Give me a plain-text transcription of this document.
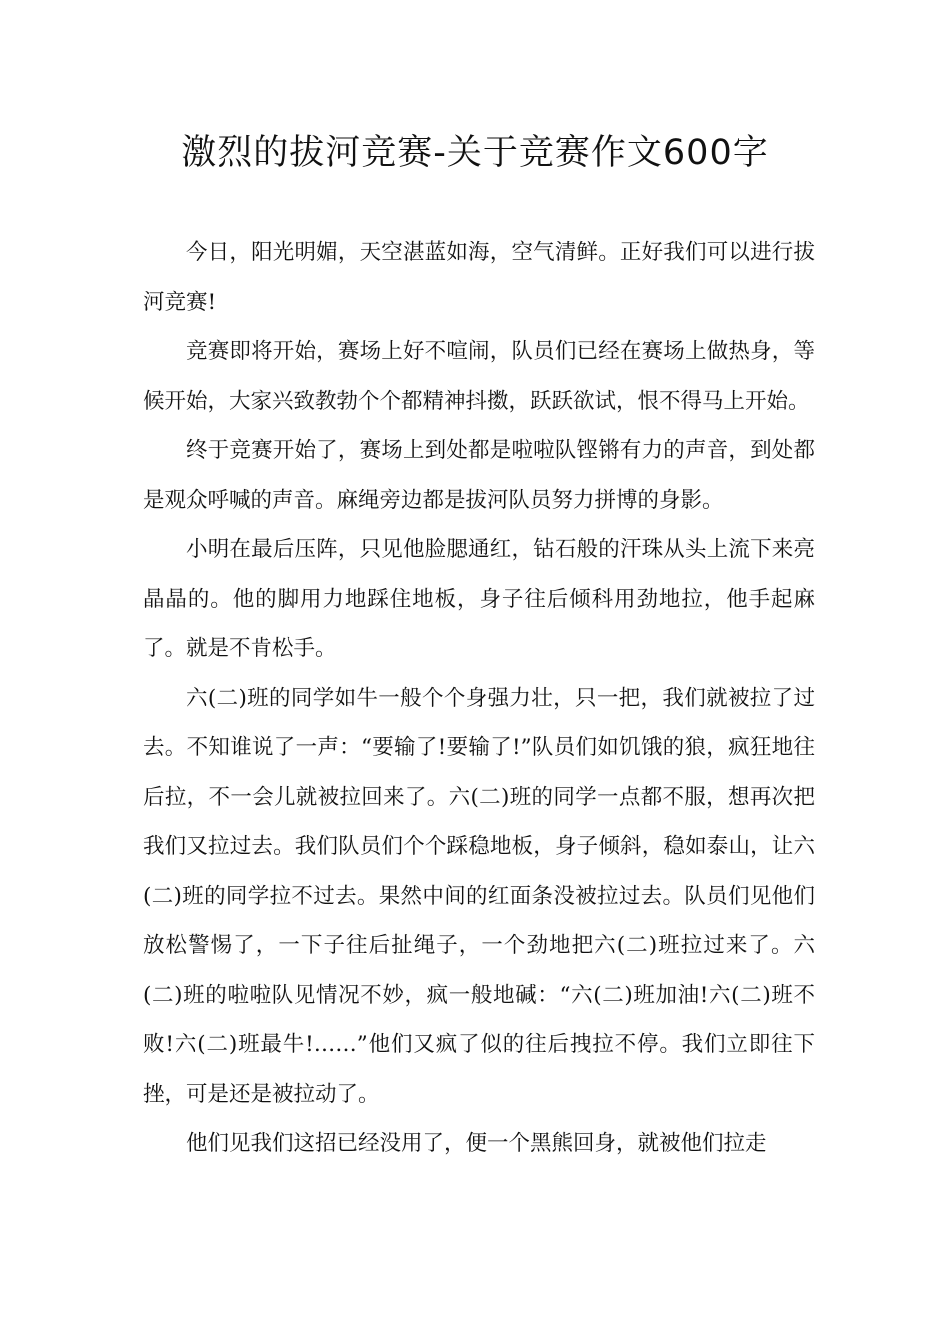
激烈的拔河竞赛-关于竞赛作文600字

今日，阳光明媚，天空湛蓝如海，空气清鲜。正好我们可以进行拔河竞赛!

竞赛即将开始，赛场上好不喧闹，队员们已经在赛场上做热身，等候开始，大家兴致教勃个个都精神抖擞，跃跃欲试，恨不得马上开始。

终于竞赛开始了，赛场上到处都是啦啦队铿锵有力的声音，到处都是观众呼喊的声音。麻绳旁边都是拔河队员努力拼博的身影。

小明在最后压阵，只见他脸腮通红，钻石般的汗珠从头上流下来亮晶晶的。他的脚用力地踩住地板，身子往后倾科用劲地拉，他手起麻了。就是不肯松手。

六(二)班的同学如牛一般个个身强力壮，只一把，我们就被拉了过去。不知谁说了一声：“要输了!要输了!”队员们如饥饿的狼，疯狂地往后拉，不一会儿就被拉回来了。六(二)班的同学一点都不服，想再次把我们又拉过去。我们队员们个个踩稳地板，身子倾斜，稳如泰山，让六(二)班的同学拉不过去。果然中间的红面条没被拉过去。队员们见他们放松警惕了，一下子往后扯绳子，一个劲地把六(二)班拉过来了。六(二)班的啦啦队见情况不妙，疯一般地碱：“六(二)班加油!六(二)班不败!六(二)班最牛!……”他们又疯了似的往后拽拉不停。我们立即往下挫，可是还是被拉动了。

他们见我们这招已经没用了，便一个黑熊回身，就被他们拉走
